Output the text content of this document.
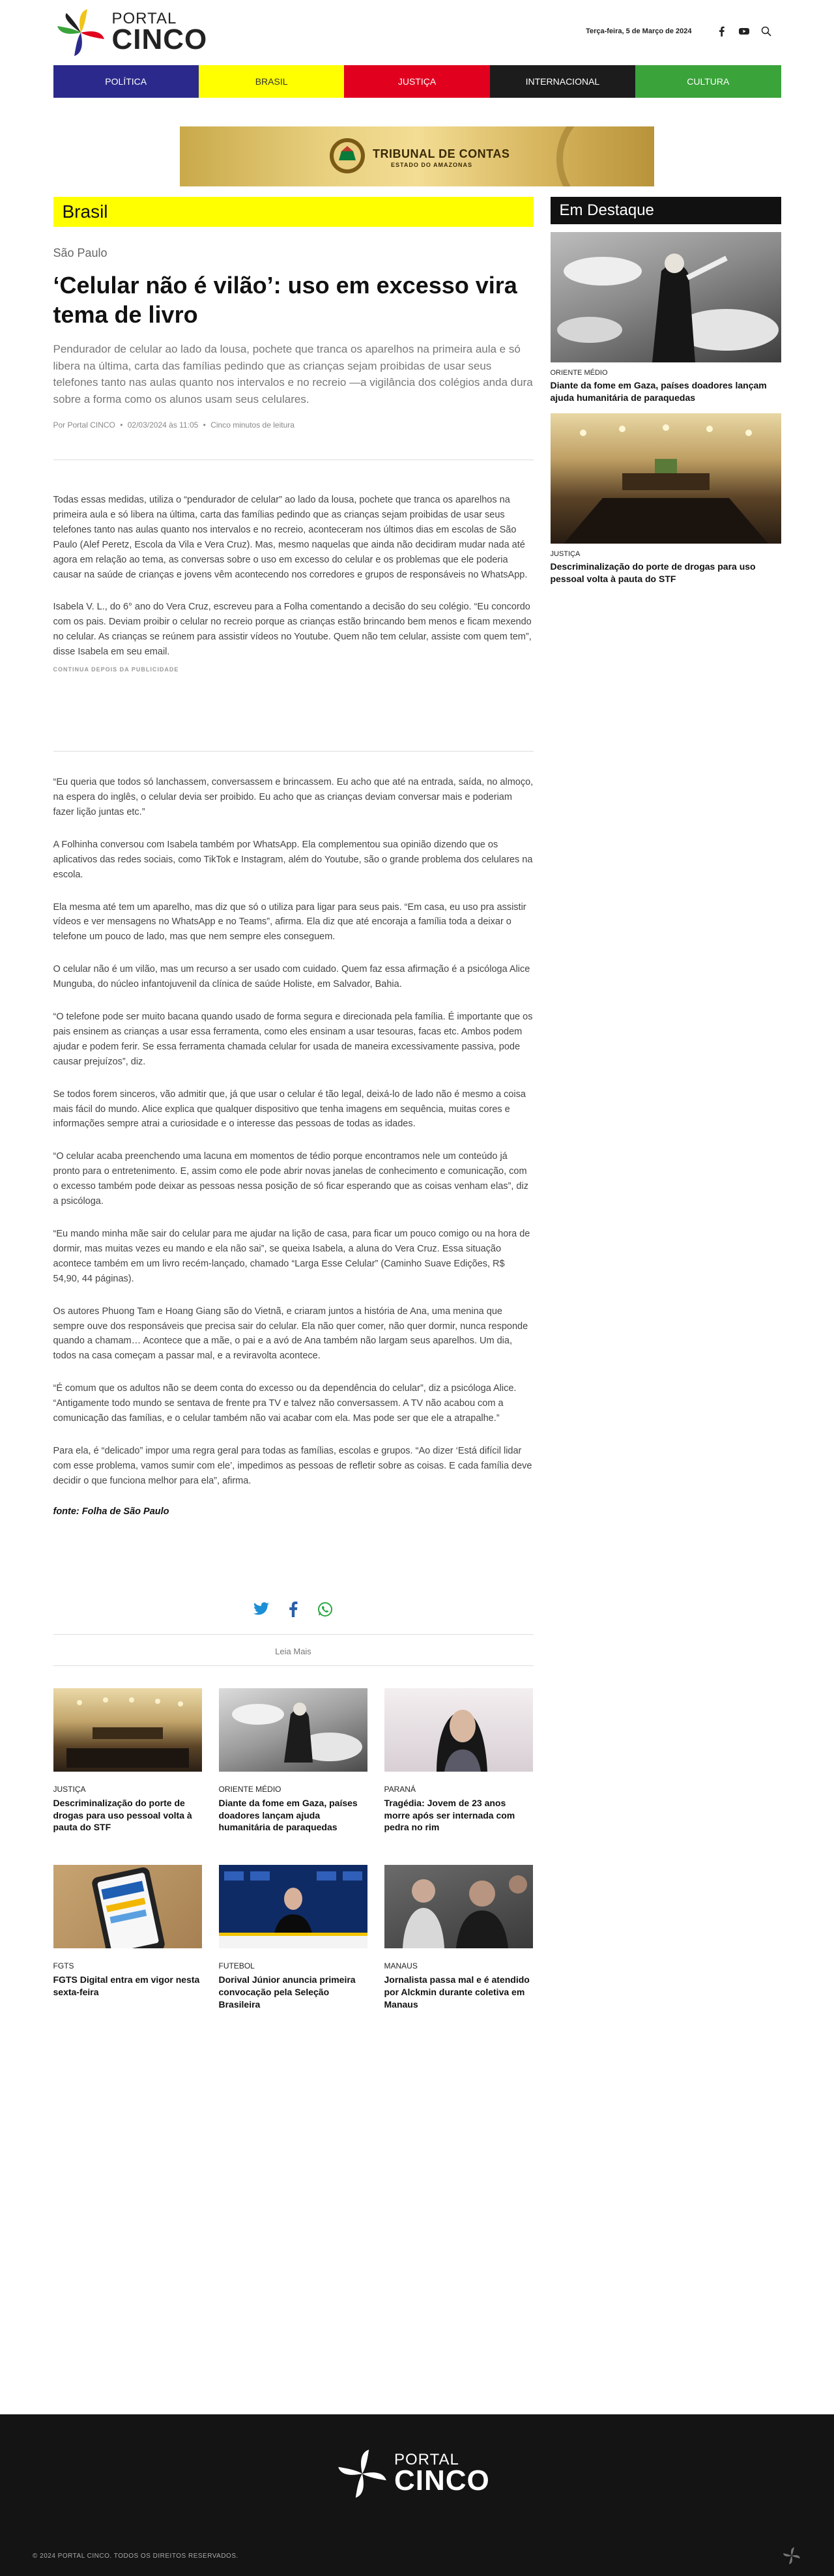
PORTAL
CINCO	Terça-feira, 5 de Março de 2024
POLÍTICA	BRASIL	JUSTIÇA	INTERNACIONAL	CULTURA
TRIBUNAL DE CONTAS
ESTADO DO AMAZONAS
Brasil
São Paulo
‘Celular não é vilão’: uso em excesso vira tema de livro

Pendurador de celular ao lado da lousa, pochete que tranca os aparelhos na primeira aula e só libera na última, carta das famílias pedindo que as crianças sejam proibidas de usar seus telefones tanto nas aulas quanto nos intervalos e no recreio —a vigilância dos colégios anda dura sobre a forma como os alunos usam seus celulares.

Por Portal CINCO • 02/03/2024 às 11:05 • Cinco minutos de leitura

Todas essas medidas, utiliza o “pendurador de celular” ao lado da lousa, pochete que tranca os aparelhos na primeira aula e só libera na última, carta das famílias pedindo que as crianças sejam proibidas de usar seus telefones tanto nas aulas quanto nos intervalos e no recreio, aconteceram nos últimos dias em escolas de São Paulo (Alef Peretz, Escola da Vila e Vera Cruz). Mas, mesmo naquelas que ainda não decidiram mudar nada até agora em relação ao tema, as conversas sobre o uso em excesso do celular e os problemas que ele poderia causar na saúde de crianças e jovens vêm acontecendo nos corredores e grupos de responsáveis no WhatsApp.

Isabela V. L., do 6° ano do Vera Cruz, escreveu para a Folha comentando a decisão do seu colégio. “Eu concordo com os pais. Deviam proibir o celular no recreio porque as crianças estão brincando bem menos e ficam mexendo no celular. As crianças se reúnem para assistir vídeos no Youtube. Quem não tem celular, assiste com quem tem”, disse Isabela em seu email.

CONTINUA DEPOIS DA PUBLICIDADE

“Eu queria que todos só lanchassem, conversassem e brincassem. Eu acho que até na entrada, saída, no almoço, na espera do inglês, o celular devia ser proibido. Eu acho que as crianças deviam conversar mais e poderiam fazer lição juntas etc.”

A Folhinha conversou com Isabela também por WhatsApp. Ela complementou sua opinião dizendo que os aplicativos das redes sociais, como TikTok e Instagram, além do Youtube, são o grande problema dos celulares na escola.

Ela mesma até tem um aparelho, mas diz que só o utiliza para ligar para seus pais. “Em casa, eu uso pra assistir vídeos e ver mensagens no WhatsApp e no Teams”, afirma. Ela diz que até encoraja a família toda a deixar o telefone um pouco de lado, mas que nem sempre eles conseguem.

O celular não é um vilão, mas um recurso a ser usado com cuidado. Quem faz essa afirmação é a psicóloga Alice Munguba, do núcleo infantojuvenil da clínica de saúde Holiste, em Salvador, Bahia.

“O telefone pode ser muito bacana quando usado de forma segura e direcionada pela família. É importante que os pais ensinem as crianças a usar essa ferramenta, como eles ensinam a usar tesouras, facas etc. Ambos podem ajudar e podem ferir. Se essa ferramenta chamada celular for usada de maneira excessivamente passiva, pode causar prejuízos”, diz.

Se todos forem sinceros, vão admitir que, já que usar o celular é tão legal, deixá-lo de lado não é mesmo a coisa mais fácil do mundo. Alice explica que qualquer dispositivo que tenha imagens em sequência, muitas cores e informações sempre atrai a curiosidade e o interesse das pessoas de todas as idades.

“O celular acaba preenchendo uma lacuna em momentos de tédio porque encontramos nele um conteúdo já pronto para o entretenimento. E, assim como ele pode abrir novas janelas de conhecimento e comunicação, com o excesso também pode deixar as pessoas nessa posição de só ficar esperando que as coisas venham elas”, diz a psicóloga.

“Eu mando minha mãe sair do celular para me ajudar na lição de casa, para ficar um pouco comigo ou na hora de dormir, mas muitas vezes eu mando e ela não sai”, se queixa Isabela, a aluna do Vera Cruz. Essa situação acontece também em um livro recém-lançado, chamado “Larga Esse Celular” (Caminho Suave Edições, R$ 54,90, 44 páginas).

Os autores Phuong Tam e Hoang Giang são do Vietnã, e criaram juntos a história de Ana, uma menina que sempre ouve dos responsáveis que precisa sair do celular. Ela não quer comer, não quer dormir, nunca responde quando a chamam… Acontece que a mãe, o pai e a avó de Ana também não largam seus aparelhos. Um dia, todos na casa começam a passar mal, e a reviravolta acontece.

“É comum que os adultos não se deem conta do excesso ou da dependência do celular”, diz a psicóloga Alice. “Antigamente todo mundo se sentava de frente pra TV e talvez não conversassem. A TV não acabou com a comunicação das famílias, e o celular também não vai acabar com ela. Mas pode ser que ele a atrapalhe.”

Para ela, é “delicado” impor uma regra geral para todas as famílias, escolas e grupos. “Ao dizer ‘Está difícil lidar com esse problema, vamos sumir com ele’, impedimos as pessoas de refletir sobre as coisas. E cada família deve decidir o que funciona melhor para ela”, afirma.

fonte: Folha de São Paulo
Leia Mais
JUSTIÇA
Descriminalização do porte de drogas para uso pessoal volta à pauta do STF
ORIENTE MÉDIO
Diante da fome em Gaza, países doadores lançam ajuda humanitária de paraquedas
PARANÁ
Tragédia: Jovem de 23 anos morre após ser internada com pedra no rim
FGTS
FGTS Digital entra em vigor nesta sexta-feira
FUTEBOL
Dorival Júnior anuncia primeira convocação pela Seleção Brasileira
MANAUS
Jornalista passa mal e é atendido por Alckmin durante coletiva em Manaus
Em Destaque
ORIENTE MÉDIO
Diante da fome em Gaza, países doadores lançam ajuda humanitária de paraquedas
JUSTIÇA
Descriminalização do porte de drogas para uso pessoal volta à pauta do STF
PORTAL
CINCO
© 2024 PORTAL CINCO. TODOS OS DIREITOS RESERVADOS.
